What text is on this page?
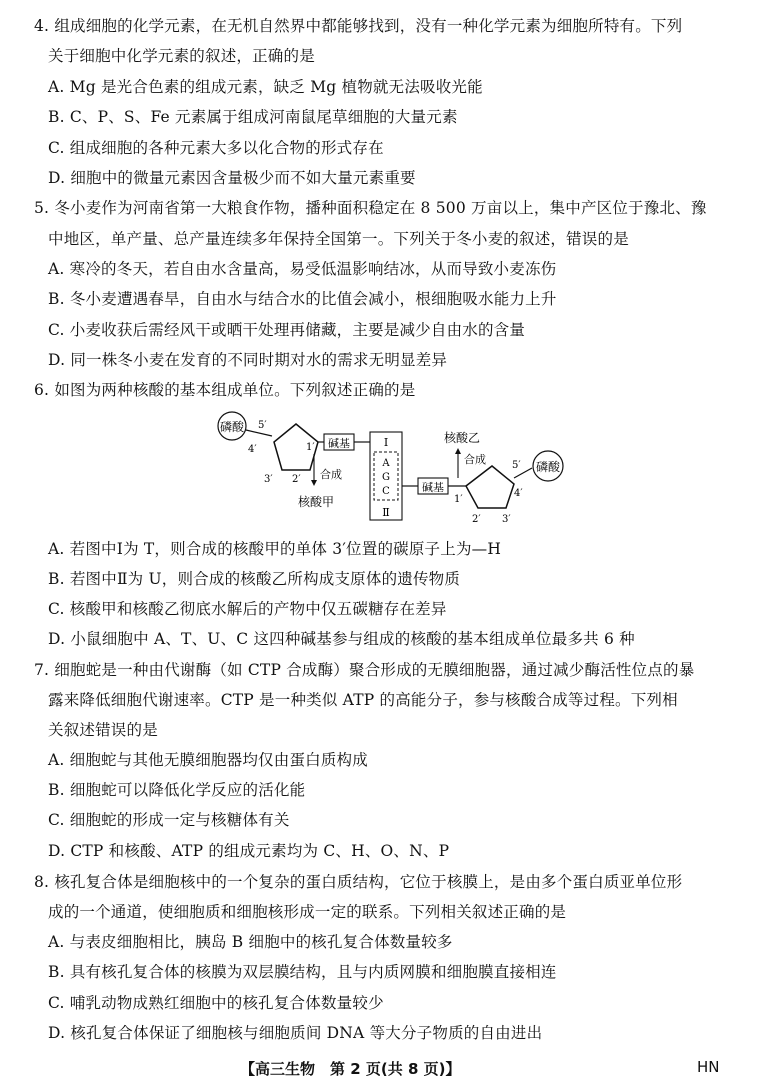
4. 组成细胞的化学元素，在无机自然界中都能够找到，没有一种化学元素为细胞所特有。下列
关于细胞中化学元素的叙述，正确的是
A. Mg 是光合色素的组成元素，缺乏 Mg 植物就无法吸收光能
B. C、P、S、Fe 元素属于组成河南鼠尾草细胞的大量元素
C. 组成细胞的各种元素大多以化合物的形式存在
D. 细胞中的微量元素因含量极少而不如大量元素重要
5. 冬小麦作为河南省第一大粮食作物，播种面积稳定在 8 500 万亩以上，集中产区位于豫北、豫
中地区，单产量、总产量连续多年保持全国第一。下列关于冬小麦的叙述，错误的是
A. 寒冷的冬天，若自由水含量高，易受低温影响结冰，从而导致小麦冻伤
B. 冬小麦遭遇春旱，自由水与结合水的比值会减小，根细胞吸水能力上升
C. 小麦收获后需经风干或晒干处理再储藏，主要是减少自由水的含量
D. 同一株冬小麦在发育的不同时期对水的需求无明显差异
6. 如图为两种核酸的基本组成单位。下列叙述正确的是
磷酸 5′
4′
3′ 2′
1′ 碱基
合成
核酸甲
Ⅰ
A
G
C
Ⅱ
碱基
1′
2′ 3′
4′
5′ 磷酸
合成
核酸乙
A. 若图中Ⅰ为 T，则合成的核酸甲的单体 3′位置的碳原子上为—H
B. 若图中Ⅱ为 U，则合成的核酸乙所构成支原体的遗传物质
C. 核酸甲和核酸乙彻底水解后的产物中仅五碳糖存在差异
D. 小鼠细胞中 A、T、U、C 这四种碱基参与组成的核酸的基本组成单位最多共 6 种
7. 细胞蛇是一种由代谢酶（如 CTP 合成酶）聚合形成的无膜细胞器，通过减少酶活性位点的暴
露来降低细胞代谢速率。CTP 是一种类似 ATP 的高能分子，参与核酸合成等过程。下列相
关叙述错误的是
A. 细胞蛇与其他无膜细胞器均仅由蛋白质构成
B. 细胞蛇可以降低化学反应的活化能
C. 细胞蛇的形成一定与核糖体有关
D. CTP 和核酸、ATP 的组成元素均为 C、H、O、N、P
8. 核孔复合体是细胞核中的一个复杂的蛋白质结构，它位于核膜上，是由多个蛋白质亚单位形
成的一个通道，使细胞质和细胞核形成一定的联系。下列相关叙述正确的是
A. 与表皮细胞相比，胰岛 B 细胞中的核孔复合体数量较多
B. 具有核孔复合体的核膜为双层膜结构，且与内质网膜和细胞膜直接相连
C. 哺乳动物成熟红细胞中的核孔复合体数量较少
D. 核孔复合体保证了细胞核与细胞质间 DNA 等大分子物质的自由进出
【高三生物　第 2 页(共 8 页)】	HN
